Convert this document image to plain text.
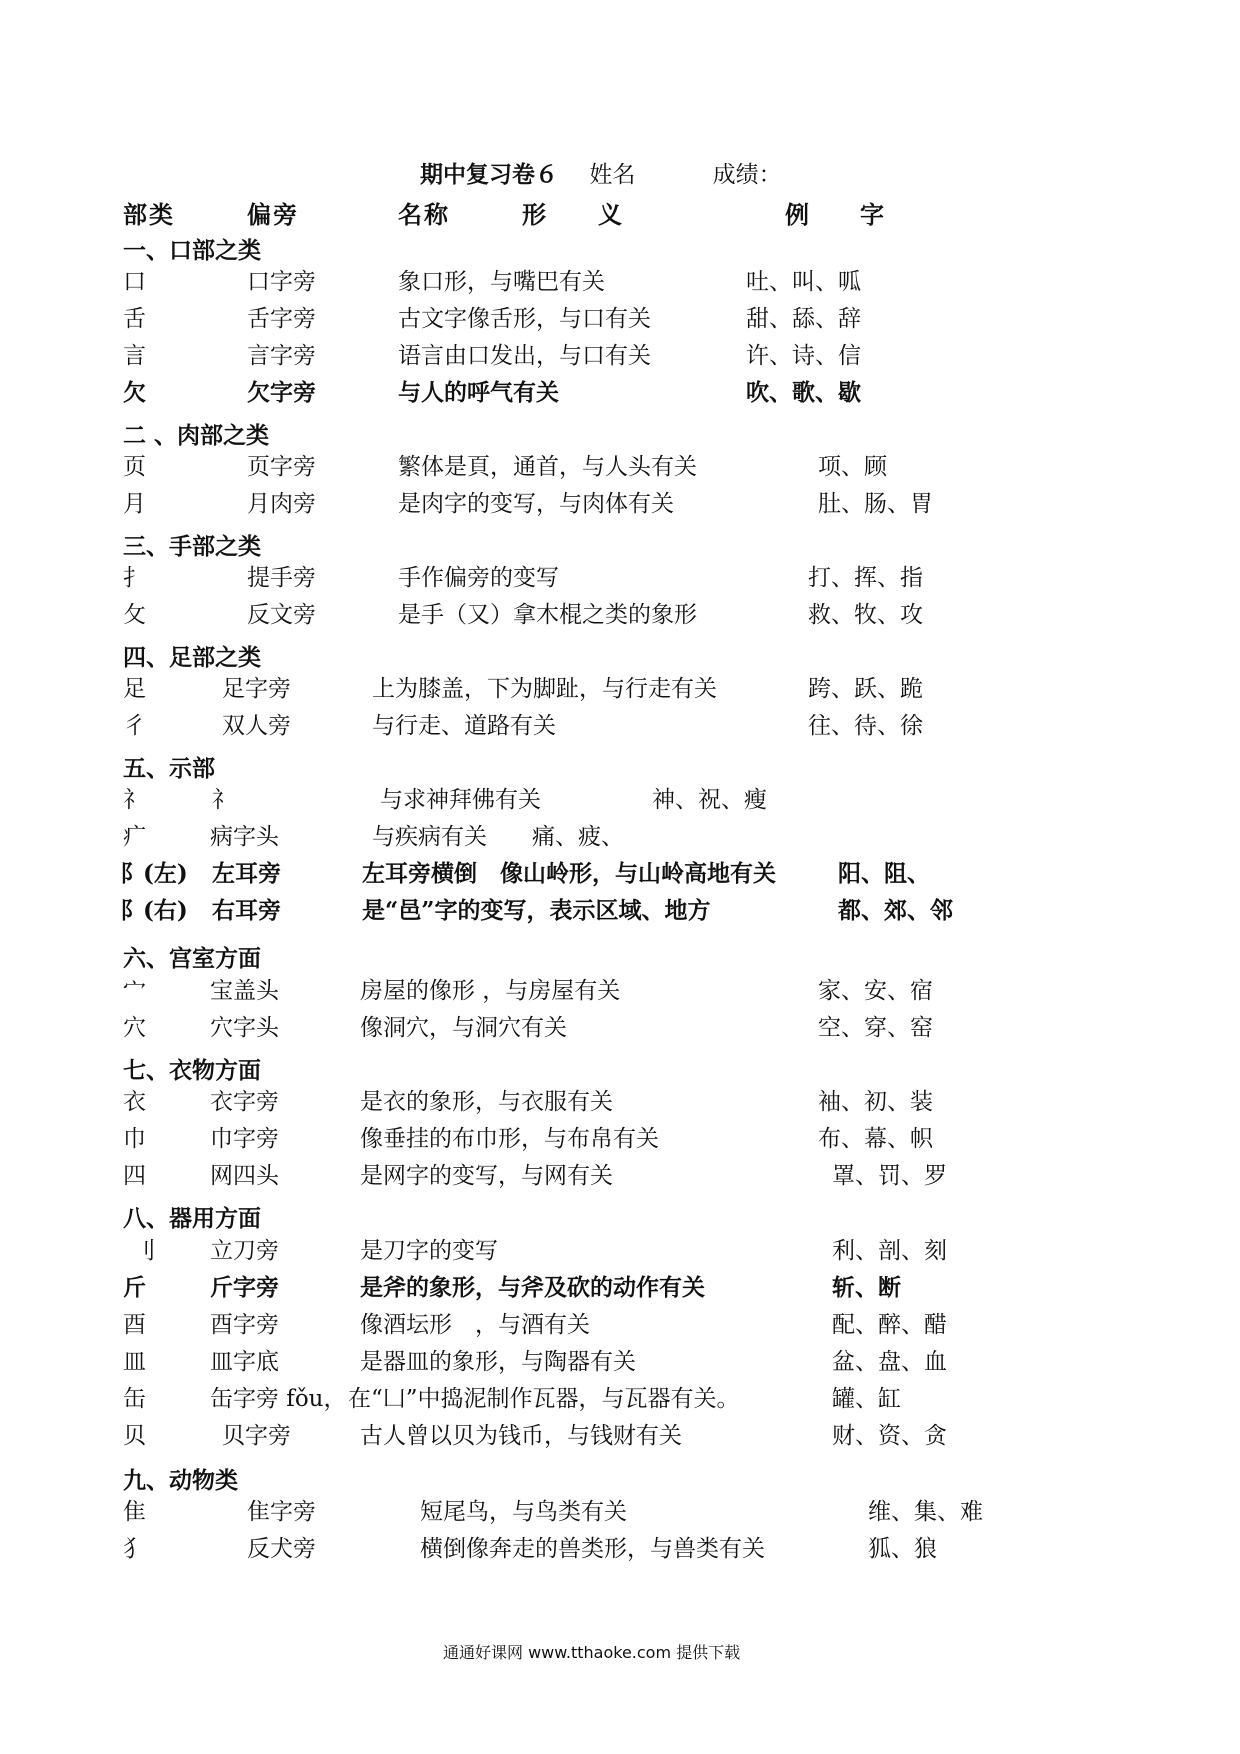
期中复习卷６ 姓名	成绩：
部类	偏旁	名称	形 义	例 字
一、口部之类
口	口字旁	象口形，与嘴巴有关	吐、叫、呱
舌	舌字旁	古文字像舌形，与口有关	甜、舔、辞
言	言字旁	语言由口发出，与口有关	许、诗、信
欠	欠字旁	与人的呼气有关	吹、歌、歇
二 、肉部之类
页	页字旁	繁体是頁，通首，与人头有关	项、顾
月	月肉旁	是肉字的变写，与肉体有关	肚、肠、胃
三、手部之类
扌	提手旁	手作偏旁的变写	打、挥、指
攵	反文旁	是手（又）拿木棍之类的象形	救、牧、攻
四、足部之类
足	足字旁	上为膝盖，下为脚趾，与行走有关	跨、跃、跪
彳	双人旁	与行走、道路有关	往、待、徐
五、示部
礻	礻	与求神拜佛有关	神、祝、瘦
疒	病字头	与疾病有关 痛、疲、
阝(左) 左耳旁	左耳旁横倒　像山岭形，与山岭高地有关	阳、阻、
阝(右) 右耳旁	是“邑”字的变写，表示区域、地方	都、郊、邻
六、宫室方面
宀	宝盖头	房屋的像形 ，与房屋有关	家、安、宿
穴	穴字头	像洞穴，与洞穴有关	空、穿、窑
七、衣物方面
衣	衣字旁	是衣的象形，与衣服有关	袖、初、装
巾	巾字旁	像垂挂的布巾形，与布帛有关	布、幕、帜
四	网四头	是网字的变写，与网有关	罩、罚、罗
八、器用方面
刂 立刀旁	是刀字的变写	利、剖、刻
斤	斤字旁	是斧的象形，与斧及砍的动作有关	斩、断
酉	酉字旁	像酒坛形　，与酒有关	配、醉、醋
皿	皿字底	是器皿的象形，与陶器有关	盆、盘、血
缶	缶字旁 fǒu， 在“凵”中捣泥制作瓦器，与瓦器有关。	罐、缸
贝	贝字旁	古人曾以贝为钱币，与钱财有关	财、资、贪
九、动物类
隹	隹字旁	短尾鸟，与鸟类有关	维、集、难
犭	反犬旁	横倒像奔走的兽类形，与兽类有关	狐、狼
通通好课网 www.tthaoke.com 提供下载
